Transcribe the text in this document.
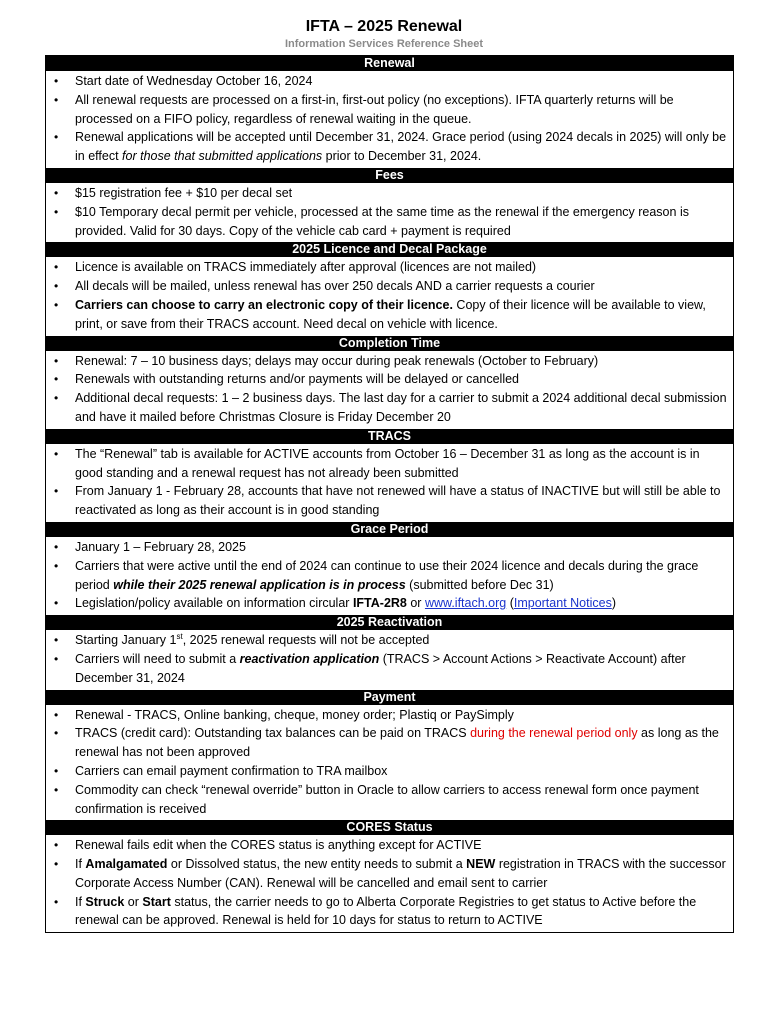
IFTA – 2025 Renewal
Information Services Reference Sheet
Renewal
• Start date of Wednesday October 16, 2024
• All renewal requests are processed on a first-in, first-out policy (no exceptions). IFTA quarterly returns will be processed on a FIFO policy, regardless of renewal waiting in the queue.
• Renewal applications will be accepted until December 31, 2024. Grace period (using 2024 decals in 2025) will only be in effect for those that submitted applications prior to December 31, 2024.
Fees
• $15 registration fee + $10 per decal set
• $10 Temporary decal permit per vehicle, processed at the same time as the renewal if the emergency reason is provided. Valid for 30 days. Copy of the vehicle cab card + payment is required
2025 Licence and Decal Package
• Licence is available on TRACS immediately after approval (licences are not mailed)
• All decals will be mailed, unless renewal has over 250 decals AND a carrier requests a courier
• Carriers can choose to carry an electronic copy of their licence. Copy of their licence will be available to view, print, or save from their TRACS account. Need decal on vehicle with licence.
Completion Time
• Renewal: 7 – 10 business days; delays may occur during peak renewals (October to February)
• Renewals with outstanding returns and/or payments will be delayed or cancelled
• Additional decal requests: 1 – 2 business days. The last day for a carrier to submit a 2024 additional decal submission and have it mailed before Christmas Closure is Friday December 20
TRACS
• The “Renewal” tab is available for ACTIVE accounts from October 16 – December 31 as long as the account is in good standing and a renewal request has not already been submitted
• From January 1 - February 28, accounts that have not renewed will have a status of INACTIVE but will still be able to reactivated as long as their account is in good standing
Grace Period
• January 1 – February 28, 2025
• Carriers that were active until the end of 2024 can continue to use their 2024 licence and decals during the grace period while their 2025 renewal application is in process (submitted before Dec 31)
• Legislation/policy available on information circular IFTA-2R8 or www.iftach.org (Important Notices)
2025 Reactivation
• Starting January 1st, 2025 renewal requests will not be accepted
• Carriers will need to submit a reactivation application (TRACS > Account Actions > Reactivate Account) after December 31, 2024
Payment
• Renewal - TRACS, Online banking, cheque, money order; Plastiq or PaySimply
• TRACS (credit card): Outstanding tax balances can be paid on TRACS during the renewal period only as long as the renewal has not been approved
• Carriers can email payment confirmation to TRA mailbox
• Commodity can check “renewal override” button in Oracle to allow carriers to access renewal form once payment confirmation is received
CORES Status
• Renewal fails edit when the CORES status is anything except for ACTIVE
• If Amalgamated or Dissolved status, the new entity needs to submit a NEW registration in TRACS with the successor Corporate Access Number (CAN). Renewal will be cancelled and email sent to carrier
• If Struck or Start status, the carrier needs to go to Alberta Corporate Registries to get status to Active before the renewal can be approved. Renewal is held for 10 days for status to return to ACTIVE
